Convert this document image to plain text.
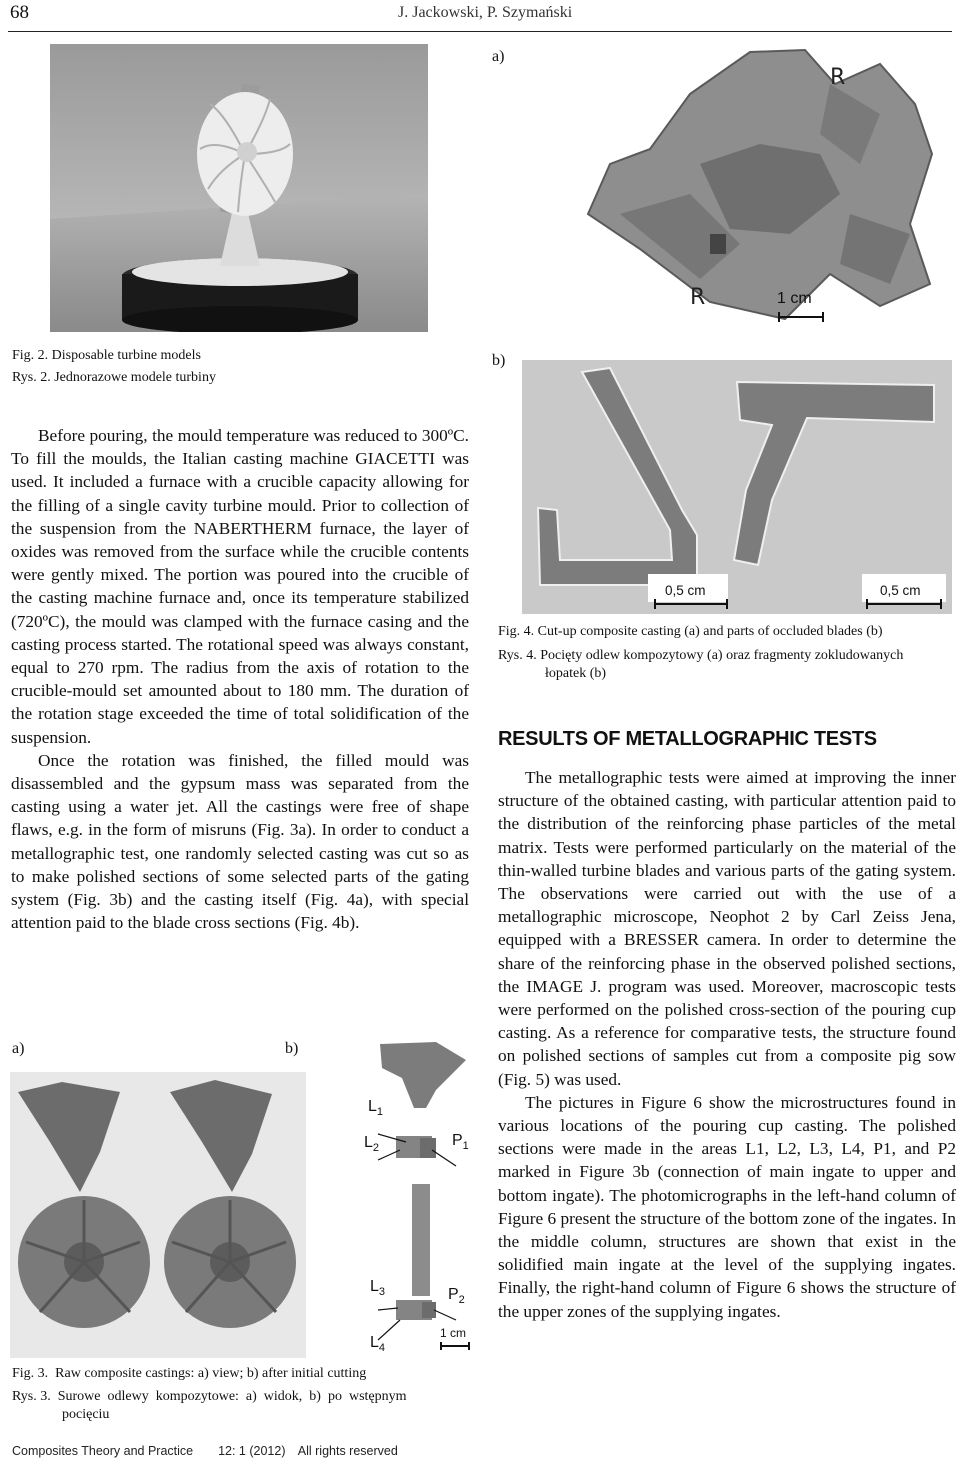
68	J. Jackowski, P. Szymański
Fig. 2. Disposable turbine models
Rys. 2. Jednorazowe modele turbiny
a)
R
R	1 cm
b)
0,5 cm	0,5 cm
Fig. 4. Cut-up composite casting (a) and parts of occluded blades (b)
Rys. 4. Pocięty odlew kompozytowy (a) oraz fragmenty zokludowanych
łopatek (b)

Before pouring, the mould temperature was reduced to 300ºC. To fill the moulds, the Italian casting machine GIACETTI was used. It included a furnace with a crucible capacity allowing for the filling of a single cavity turbine mould. Prior to collection of the suspension from the NABERTHERM furnace, the layer of oxides was removed from the surface while the crucible contents were gently mixed. The portion was poured into the crucible of the casting machine furnace and, once its temperature stabilized (720ºC), the mould was clamped with the furnace casing and the casting process started. The rotational speed was always constant, equal to 270 rpm. The radius from the axis of rotation to the crucible-mould set amounted about to 180 mm. The duration of the rotation stage exceeded the time of total solidification of the suspension.

Once the rotation was finished, the filled mould was disassembled and the gypsum mass was separated from the casting using a water jet. All the castings were free of shape flaws, e.g. in the form of misruns (Fig. 3a). In order to conduct a metallographic test, one randomly selected casting was cut so as to make polished sections of some selected parts of the gating system (Fig. 3b) and the casting itself (Fig. 4a), with special attention paid to the blade cross sections (Fig. 4b).

a)	b)
$L_1$
$L_2$	$P_1$
$L_3$	$P_2$
$L_4$
1 cm
Fig. 3.  Raw composite castings: a) view; b) after initial cutting
Rys. 3.  Surowe  odlewy  kompozytowe:  a)  widok,  b)  po  wstępnym
pocięciu
RESULTS OF METALLOGRAPHIC TESTS

The metallographic tests were aimed at improving the inner structure of the obtained casting, with particular attention paid to the distribution of the reinforcing phase particles of the metal matrix. Tests were performed particularly on the material of the thin-walled turbine blades and various parts of the gating system. The observations were carried out with the use of a metallographic microscope, Neophot 2 by Carl Zeiss Jena, equipped with a BRESSER camera. In order to determine the share of the reinforcing phase in the observed polished sections, the IMAGE J. program was used. Moreover, macroscopic tests were performed on the polished cross-section of the pouring cup casting. As a reference for comparative tests, the structure found on polished sections of samples cut from a composite pig sow (Fig. 5) was used.

The pictures in Figure 6 show the microstructures found in various locations of the pouring cup casting. The polished sections were made in the areas L1, L2, L3, L4, P1, and P2 marked in Figure 3b (connection of main ingate to upper and bottom ingate). The photomicrographs in the left-hand column of Figure 6 present the structure of the bottom zone of the ingates. In the middle column, structures are shown that exist in the solidified main ingate at the level of the supplying ingates. Finally, the right-hand column of Figure 6 shows the structure of the upper zones of the supplying ingates.

Composites Theory and Practice 12: 1 (2012) All rights reserved
